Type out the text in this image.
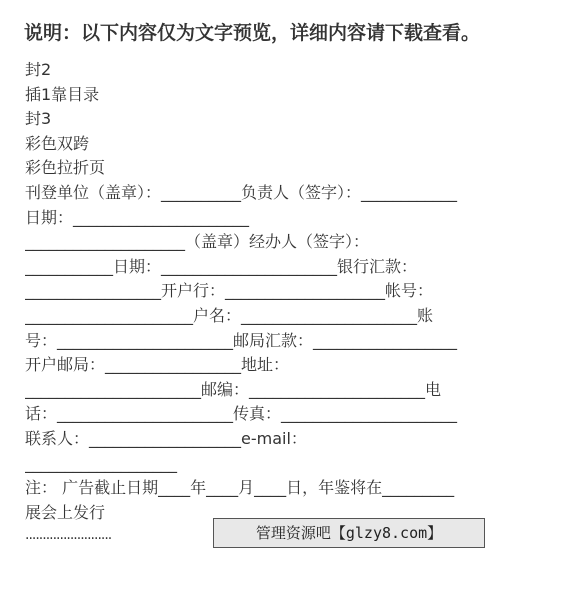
说明：以下内容仅为文字预览，详细内容请下载查看。
封2
插1靠目录
封3
彩色双跨
彩色拉折页
刊登单位（盖章）：__________负责人（签字）：____________
日期：______________________
____________________（盖章）经办人（签字）：
___________日期：______________________银行汇款：
_________________开户行：____________________帐号：
_____________________户名：______________________账
号：______________________邮局汇款：__________________
开户邮局：_________________地址：
______________________邮编：______________________电
话：______________________传真：______________________
联系人：___________________e-mail：
___________________
注： 广告截止日期____年____月____日，年鉴将在_________
展会上发行
·························	管理资源吧【glzy8.com】
